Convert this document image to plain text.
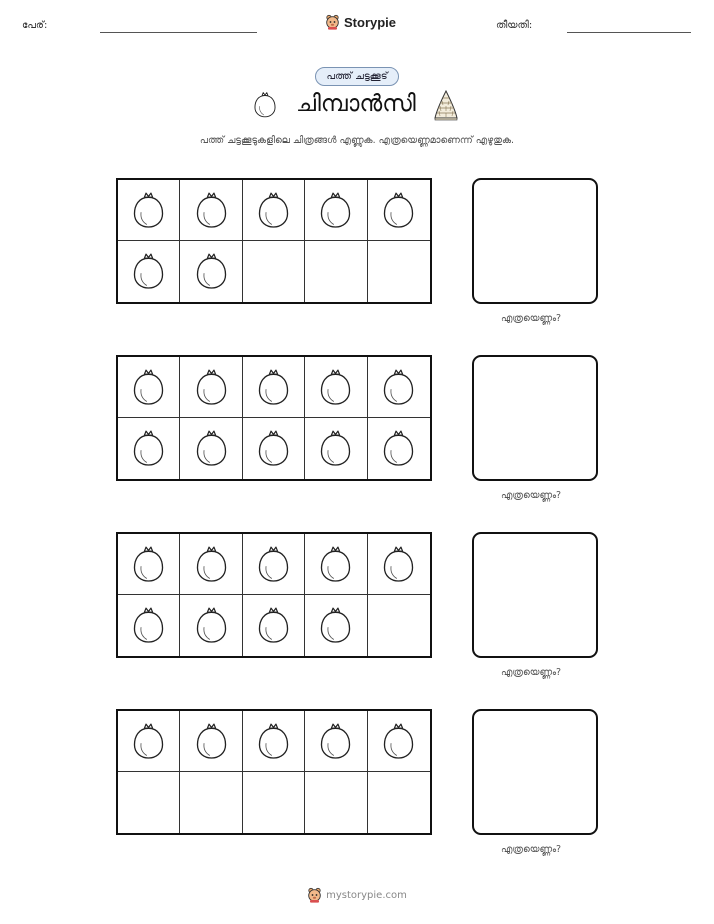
പേര്:	Storypie	തീയതി:
പത്ത് ചട്ടക്കൂട്
ചിമ്പാൻസി
പത്ത് ചട്ടക്കൂടുകളിലെ ചിത്രങ്ങൾ എണ്ണുക. എത്രയെണ്ണമാണെന്ന് എഴുതുക.
എത്രയെണ്ണം?
എത്രയെണ്ണം?
എത്രയെണ്ണം?
എത്രയെണ്ണം?
mystorypie.com
